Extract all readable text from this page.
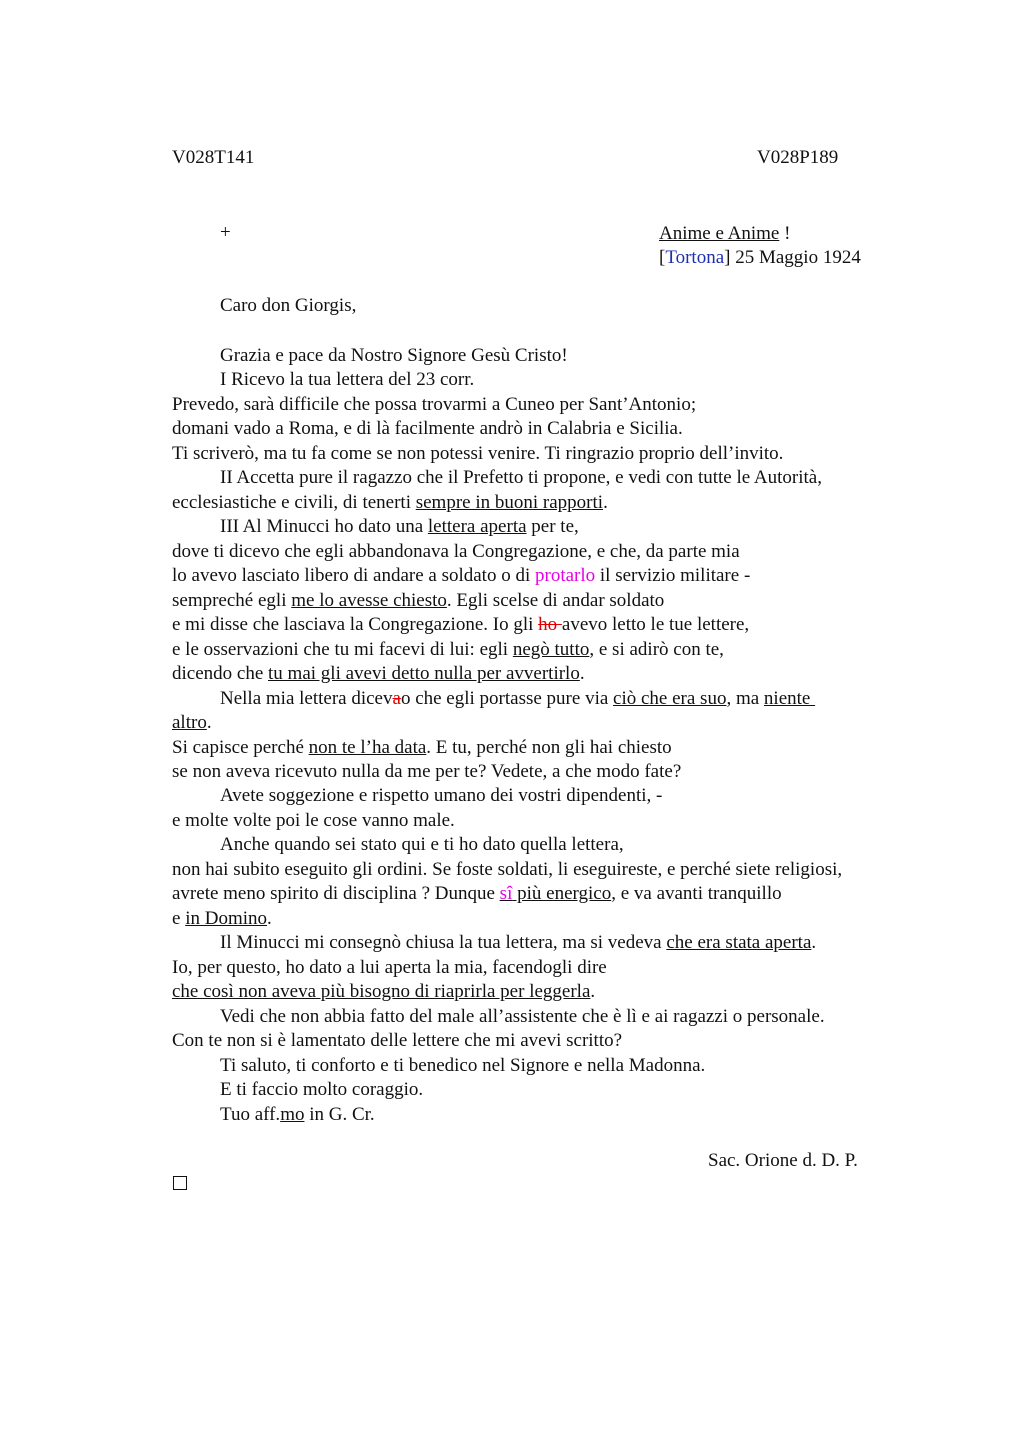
V028T141	V028P189
+	Anime e Anime !
[Tortona] 25 Maggio 1924
Caro don Giorgis,
Grazia e pace da Nostro Signore Gesù Cristo!
I Ricevo la tua lettera del 23 corr.
Prevedo, sarà difficile che possa trovarmi a Cuneo per Sant’Antonio;
domani vado a Roma, e di là facilmente andrò in Calabria e Sicilia.
Ti scriverò, ma tu fa come se non potessi venire. Ti ringrazio proprio dell’invito.
II Accetta pure il ragazzo che il Prefetto ti propone, e vedi con tutte le Autorità,
ecclesiastiche e civili, di tenerti sempre in buoni rapporti.
III Al Minucci ho dato una lettera aperta per te,
dove ti dicevo che egli abbandonava la Congregazione, e che, da parte mia
lo avevo lasciato libero di andare a soldato o di protarlo il servizio militare -
sempreché egli me lo avesse chiesto. Egli scelse di andar soldato
e mi disse che lasciava la Congregazione. Io gli ho avevo letto le tue lettere,
e le osservazioni che tu mi facevi di lui: egli negò tutto, e si adirò con te,
dicendo che tu mai gli avevi detto nulla per avvertirlo.
Nella mia lettera dicevao che egli portasse pure via ciò che era suo, ma niente
altro.
Si capisce perché non te l’ha data. E tu, perché non gli hai chiesto
se non aveva ricevuto nulla da me per te? Vedete, a che modo fate?
Avete soggezione e rispetto umano dei vostri dipendenti, -
e molte volte poi le cose vanno male.
Anche quando sei stato qui e ti ho dato quella lettera,
non hai subito eseguito gli ordini. Se foste soldati, li eseguireste, e perché siete religiosi,
avrete meno spirito di disciplina ? Dunque sî più energico, e va avanti tranquillo
e in Domino.
Il Minucci mi consegnò chiusa la tua lettera, ma si vedeva che era stata aperta.
Io, per questo, ho dato a lui aperta la mia, facendogli dire
che così non aveva più bisogno di riaprirla per leggerla.
Vedi che non abbia fatto del male all’assistente che è lì e ai ragazzi o personale.
Con te non si è lamentato delle lettere che mi avevi scritto?
Ti saluto, ti conforto e ti benedico nel Signore e nella Madonna.
E ti faccio molto coraggio.
Tuo aff.mo in G. Cr.
Sac. Orione d. D. P.
